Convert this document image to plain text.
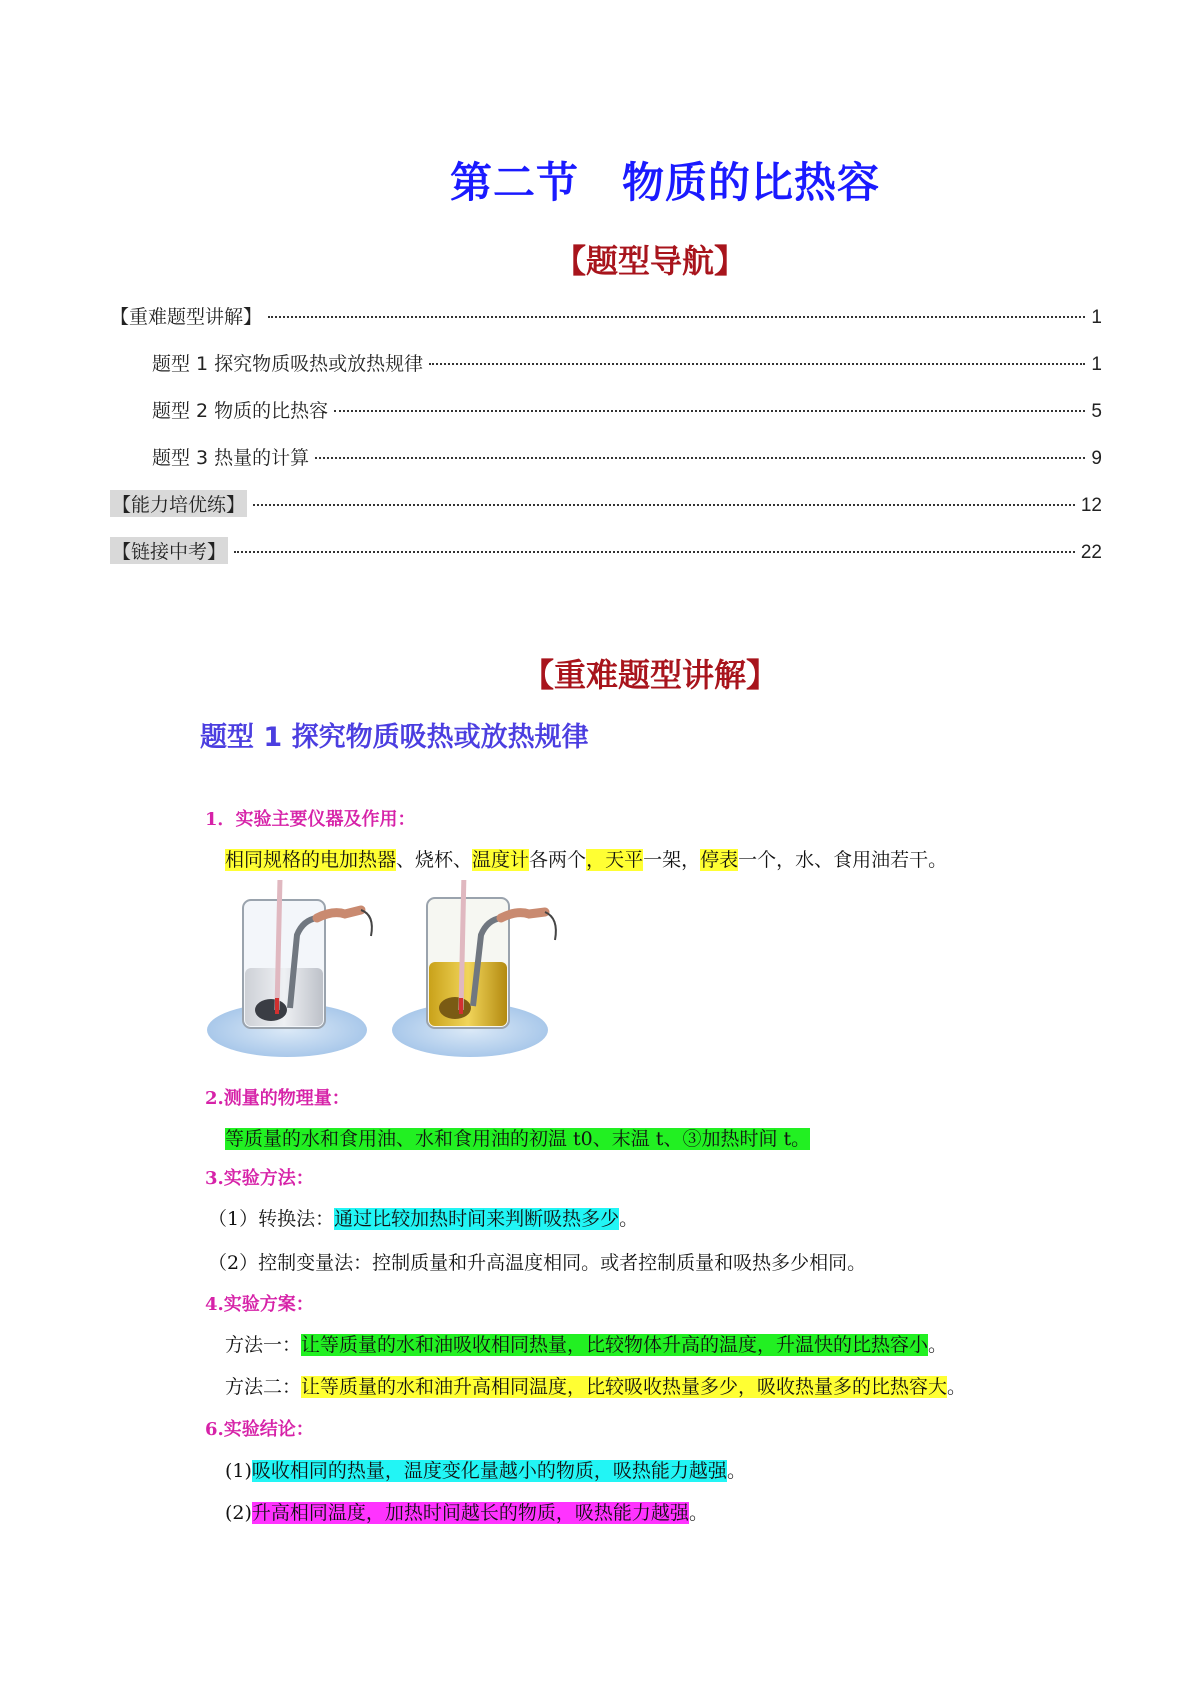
第二节　物质的比热容
【题型导航】
【重难题型讲解】	1
题型 1 探究物质吸热或放热规律	1
题型 2 物质的比热容	5
题型 3 热量的计算	9
【能力培优练】	12
【链接中考】	22
【重难题型讲解】
题型 1 探究物质吸热或放热规律
1．实验主要仪器及作用：
相同规格的电加热器、烧杯、温度计各两个，天平一架，停表一个，水、食用油若干。
2.测量的物理量：
等质量的水和食用油、水和食用油的初温 t0、末温 t、③加热时间 t。
3.实验方法：
（1）转换法：通过比较加热时间来判断吸热多少。
（2）控制变量法：控制质量和升高温度相同。或者控制质量和吸热多少相同。
4.实验方案：
方法一：让等质量的水和油吸收相同热量，比较物体升高的温度，升温快的比热容小。
方法二：让等质量的水和油升高相同温度，比较吸收热量多少，吸收热量多的比热容大。
6.实验结论：
(1)吸收相同的热量，温度变化量越小的物质，吸热能力越强。
(2)升高相同温度，加热时间越长的物质，吸热能力越强。
